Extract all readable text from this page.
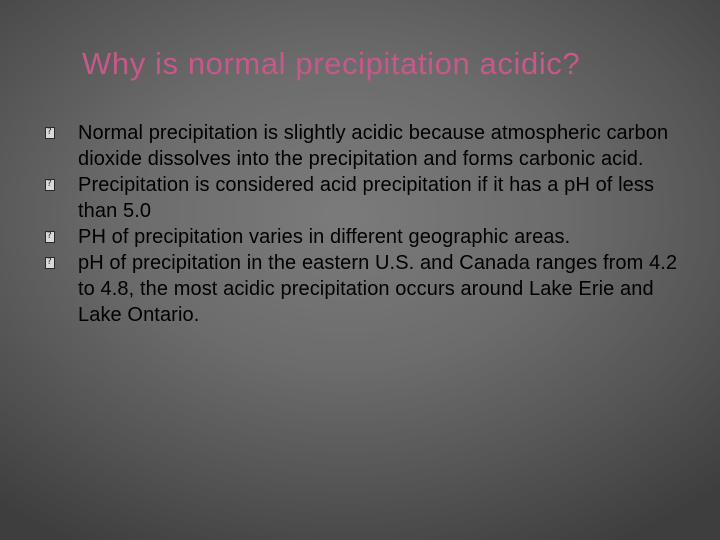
Why is normal precipitation acidic?
?
Normal precipitation is slightly acidic because atmospheric carbon dioxide dissolves into the precipitation and forms carbonic acid.
?
Precipitation is considered acid precipitation if it has a pH of less than 5.0
?
PH of precipitation varies in different geographic areas.
?
pH of precipitation in the eastern U.S. and Canada ranges from 4.2 to 4.8, the most acidic precipitation occurs around Lake Erie and Lake Ontario.
